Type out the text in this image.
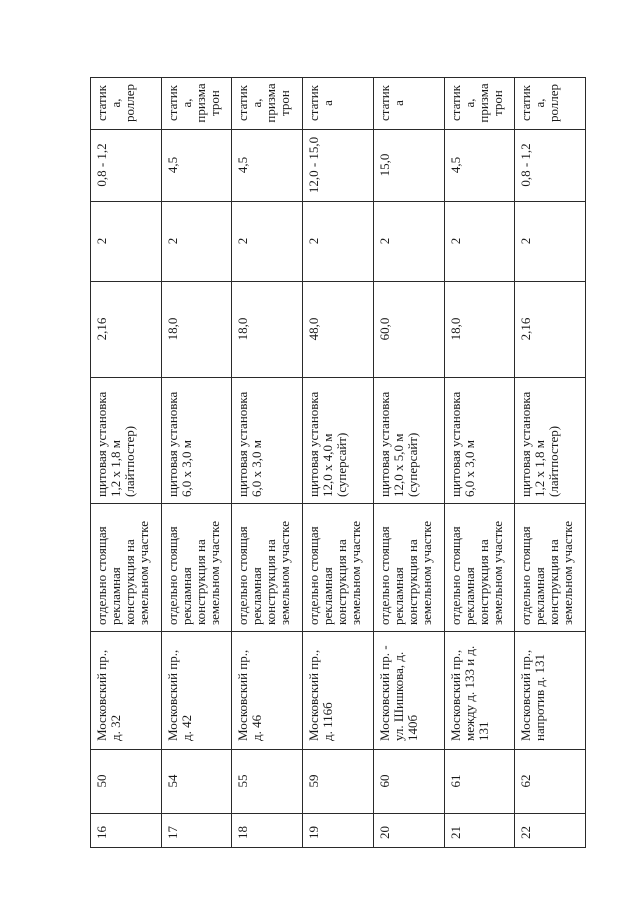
16	50	Московский пр., д. 32	отдельно стоящая рекламная конструкция на земельном участке	щитовая установка 1,2 х 1,8 м (лайтпостер)	2,16	2	0,8 - 1,2	статика, роллер
17	54	Московский пр., д. 42	отдельно стоящая рекламная конструкция на земельном участке	щитовая установка 6,0 х 3,0 м	18,0	2	4,5	статика, призматрон
18	55	Московский пр., д. 46	отдельно стоящая рекламная конструкция на земельном участке	щитовая установка 6,0 х 3,0 м	18,0	2	4,5	статика, призматрон
19	59	Московский пр., д. 116б	отдельно стоящая рекламная конструкция на земельном участке	щитовая установка 12,0 х 4,0 м (суперсайт)	48,0	2	12,0 - 15,0	статика
20	60	Московский пр. - ул. Шишкова, д. 140б	отдельно стоящая рекламная конструкция на земельном участке	щитовая установка 12,0 х 5,0 м (суперсайт)	60,0	2	15,0	статика
21	61	Московский пр., между д. 133 и д. 131	отдельно стоящая рекламная конструкция на земельном участке	щитовая установка 6,0 х 3,0 м	18,0	2	4,5	статика, призматрон
22	62	Московский пр., напротив д. 131	отдельно стоящая рекламная конструкция на земельном участке	щитовая установка 1,2 х 1,8 м (лайтпостер)	2,16	2	0,8 - 1,2	статика, роллер
